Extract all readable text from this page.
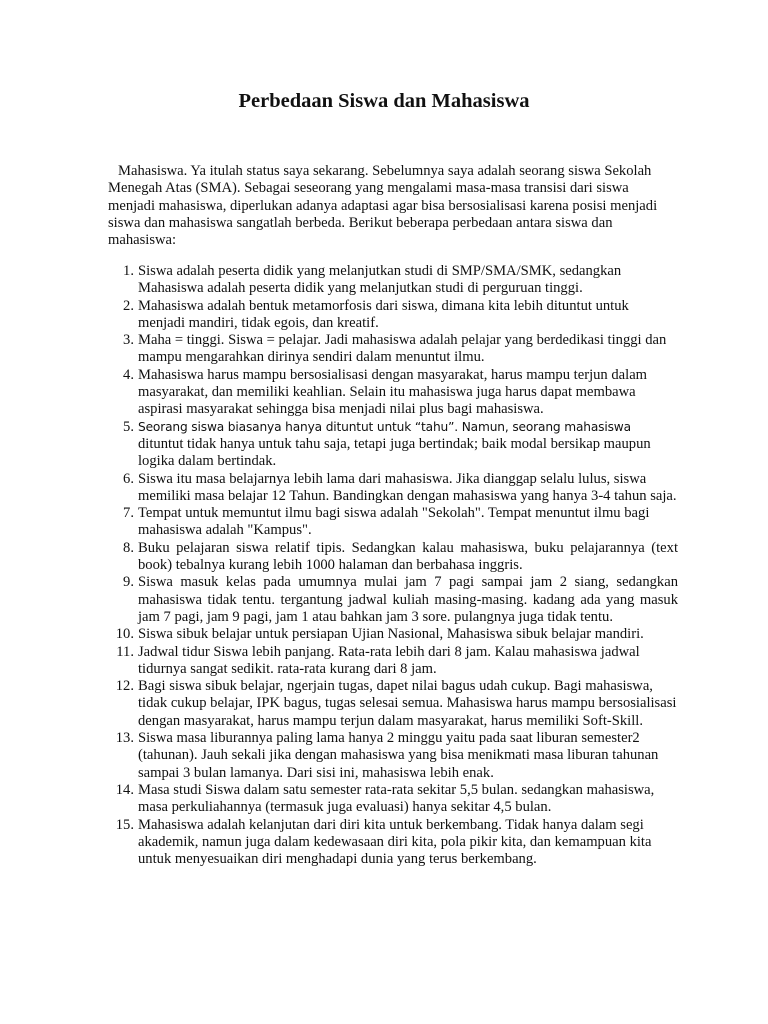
Perbedaan Siswa dan Mahasiswa

Mahasiswa. Ya itulah status saya sekarang. Sebelumnya saya adalah seorang siswa Sekolah Menegah Atas (SMA). Sebagai seseorang yang mengalami masa-masa transisi dari siswa menjadi mahasiswa, diperlukan adanya adaptasi agar bisa bersosialisasi karena posisi menjadi siswa dan mahasiswa sangatlah berbeda. Berikut beberapa perbedaan antara siswa dan mahasiswa:

1. Siswa adalah peserta didik yang melanjutkan studi di SMP/SMA/SMK, sedangkan Mahasiswa adalah peserta didik yang melanjutkan studi di perguruan tinggi.
2. Mahasiswa adalah bentuk metamorfosis dari siswa, dimana kita lebih dituntut untuk menjadi mandiri, tidak egois, dan kreatif.
3. Maha = tinggi. Siswa = pelajar. Jadi mahasiswa adalah pelajar yang berdedikasi tinggi dan mampu mengarahkan dirinya sendiri dalam menuntut ilmu.
4. Mahasiswa harus mampu bersosialisasi dengan masyarakat, harus mampu terjun dalam masyarakat, dan memiliki keahlian. Selain itu mahasiswa juga harus dapat membawa aspirasi masyarakat sehingga bisa menjadi nilai plus bagi mahasiswa.
5. Seorang siswa biasanya hanya dituntut untuk “tahu”. Namun, seorang mahasiswa
dituntut tidak hanya untuk tahu saja, tetapi juga bertindak; baik modal bersikap maupun logika dalam bertindak.
6. Siswa itu masa belajarnya lebih lama dari mahasiswa. Jika dianggap selalu lulus, siswa memiliki masa belajar 12 Tahun. Bandingkan dengan mahasiswa yang hanya 3-4 tahun saja.
7. Tempat untuk memuntut ilmu bagi siswa adalah "Sekolah". Tempat menuntut ilmu bagi mahasiswa adalah "Kampus".
8. Buku pelajaran siswa relatif tipis. Sedangkan kalau mahasiswa, buku pelajarannya (text book) tebalnya kurang lebih 1000 halaman dan berbahasa inggris.
9. Siswa masuk kelas pada umumnya mulai jam 7 pagi sampai jam 2 siang, sedangkan mahasiswa tidak tentu. tergantung jadwal kuliah masing-masing. kadang ada yang masuk jam 7 pagi, jam 9 pagi, jam 1 atau bahkan jam 3 sore. pulangnya juga tidak tentu.
10. Siswa sibuk belajar untuk persiapan Ujian Nasional, Mahasiswa sibuk belajar mandiri.
11. Jadwal tidur Siswa lebih panjang. Rata-rata lebih dari 8 jam. Kalau mahasiswa jadwal tidurnya sangat sedikit. rata-rata kurang dari 8 jam.
12. Bagi siswa sibuk belajar, ngerjain tugas, dapet nilai bagus udah cukup. Bagi mahasiswa, tidak cukup belajar, IPK bagus, tugas selesai semua. Mahasiswa harus mampu bersosialisasi dengan masyarakat, harus mampu terjun dalam masyarakat, harus memiliki Soft-Skill.
13. Siswa masa liburannya paling lama hanya 2 minggu yaitu pada saat liburan semester2 (tahunan). Jauh sekali jika dengan mahasiswa yang bisa menikmati masa liburan tahunan sampai 3 bulan lamanya. Dari sisi ini, mahasiswa lebih enak.
14. Masa studi Siswa dalam satu semester rata-rata sekitar 5,5 bulan. sedangkan mahasiswa, masa perkuliahannya (termasuk juga evaluasi) hanya sekitar 4,5 bulan.
15. Mahasiswa adalah kelanjutan dari diri kita untuk berkembang. Tidak hanya dalam segi akademik, namun juga dalam kedewasaan diri kita, pola pikir kita, dan kemampuan kita untuk menyesuaikan diri menghadapi dunia yang terus berkembang.
